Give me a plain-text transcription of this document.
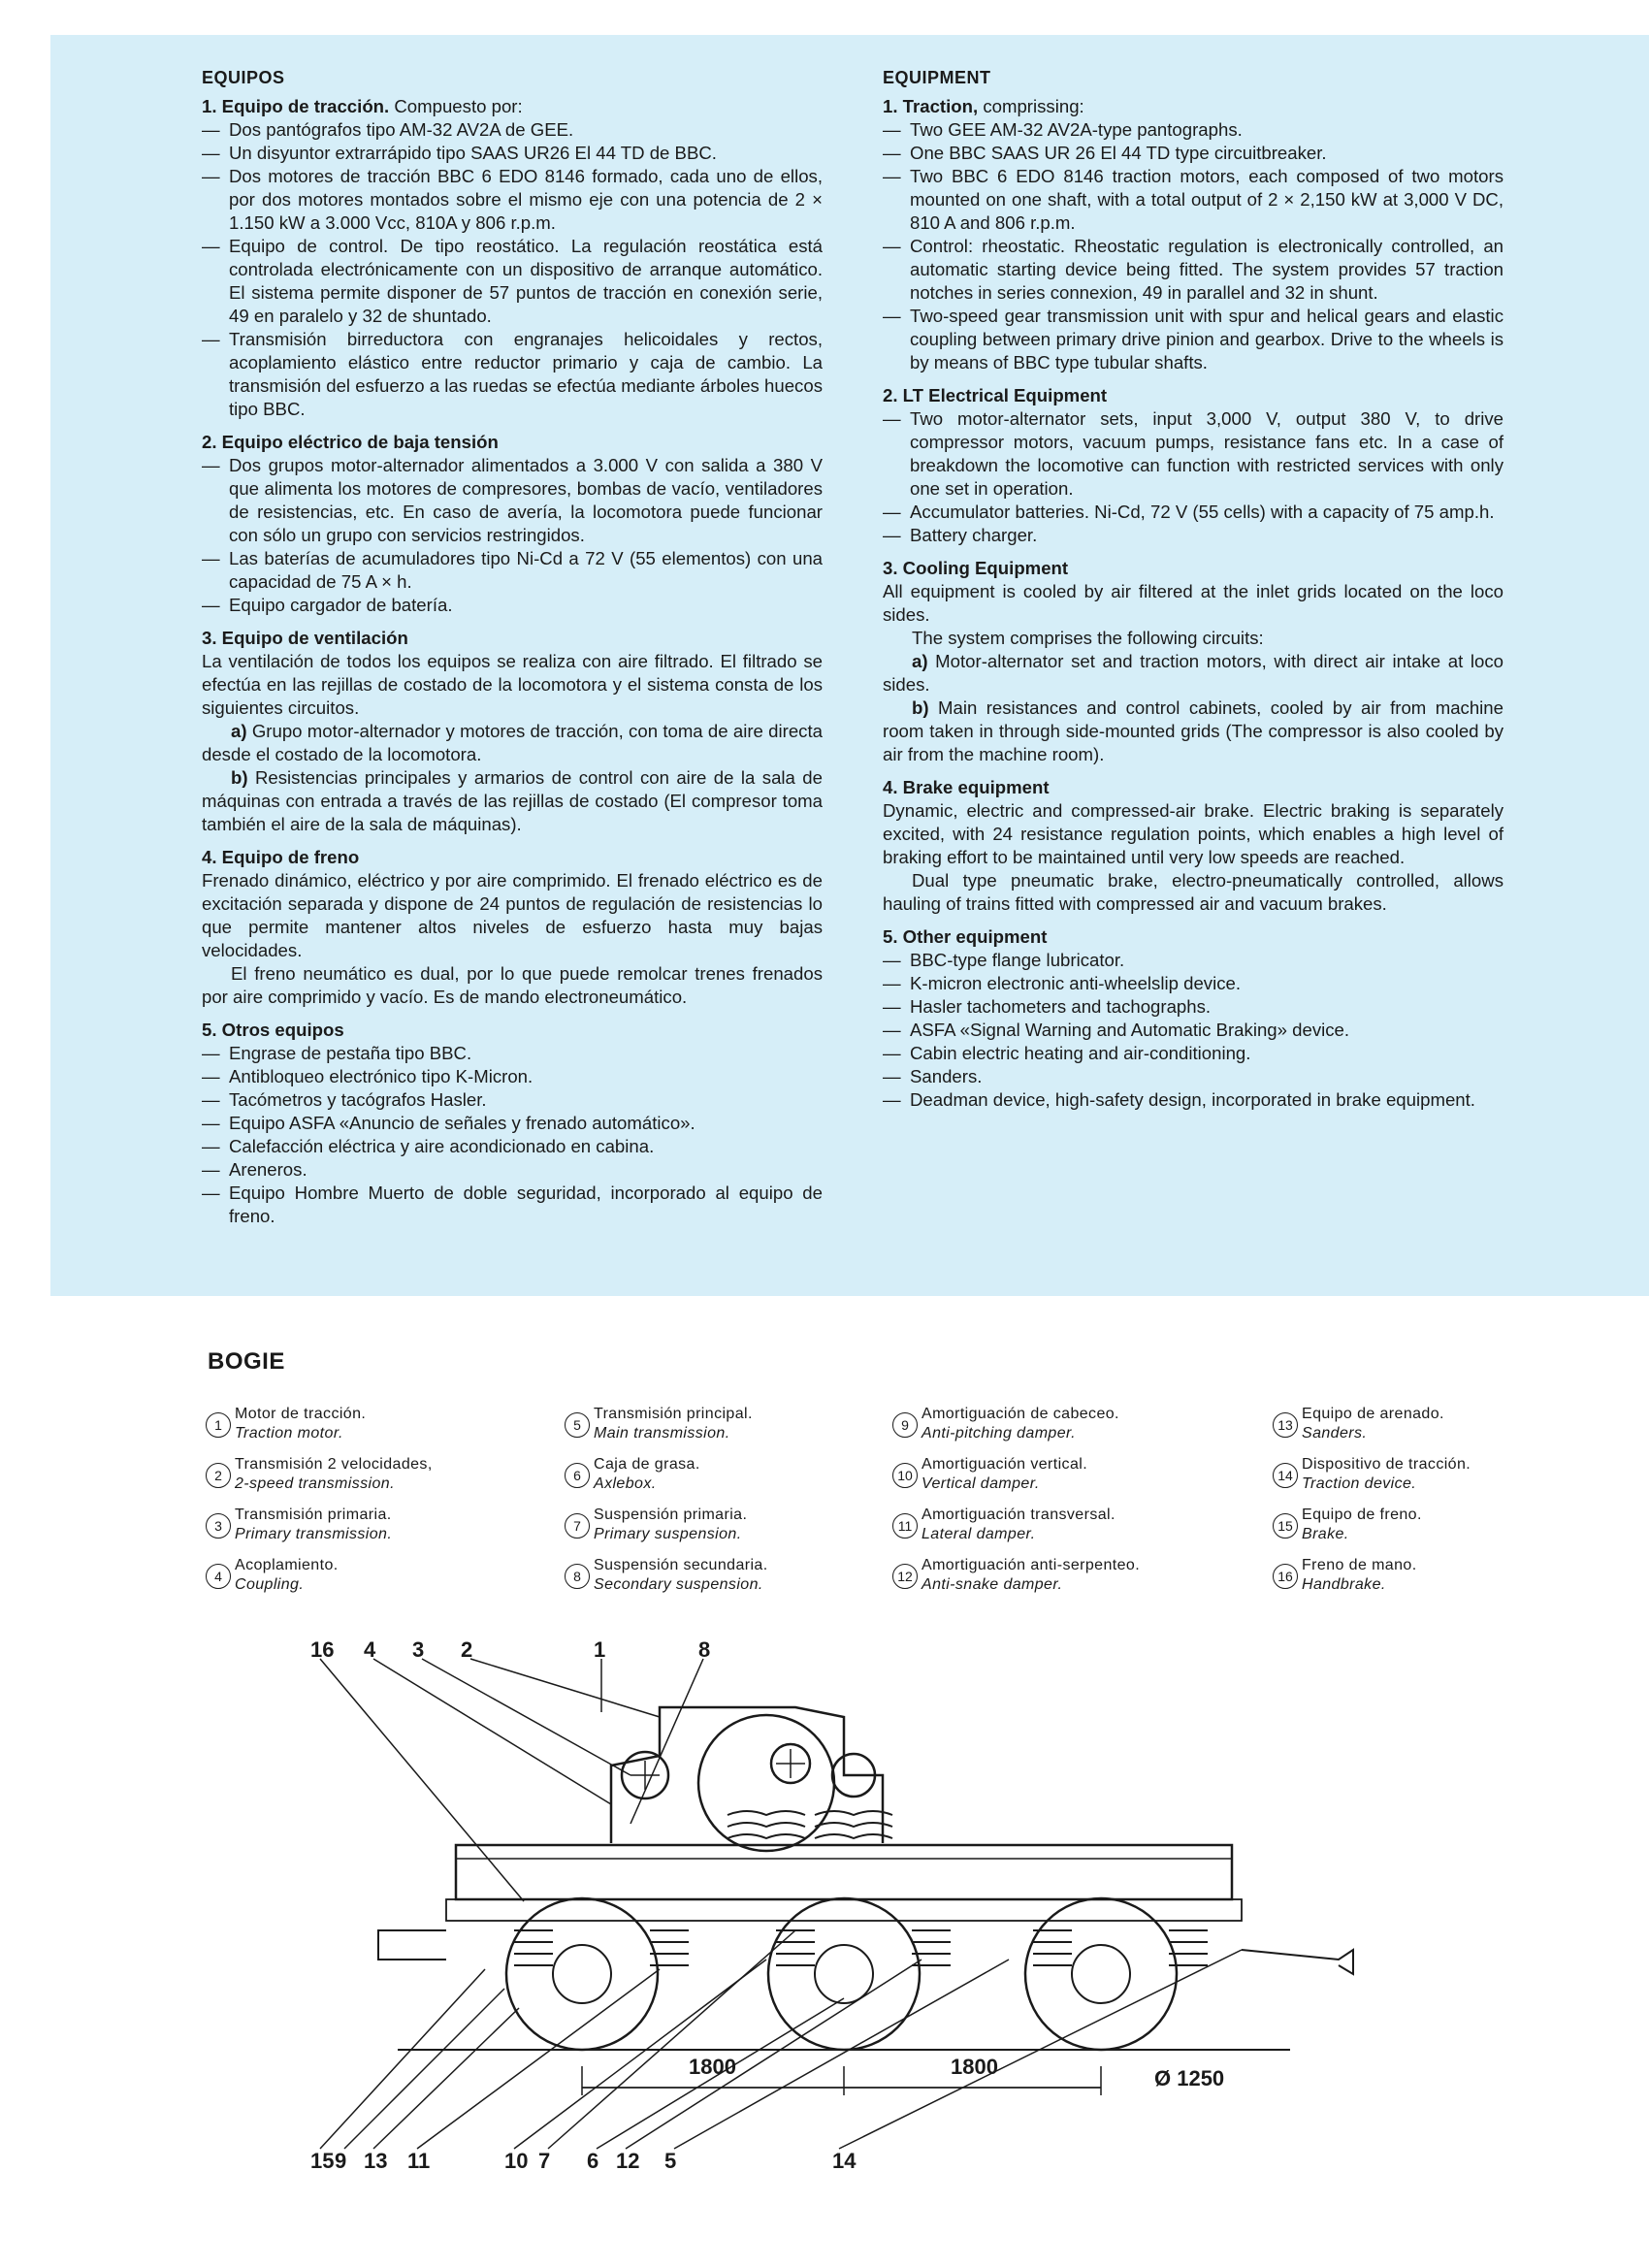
EQUIPOS
1. Equipo de tracción. Compuesto por:
— Dos pantógrafos tipo AM-32 AV2A de GEE.
— Un disyuntor extrarrápido tipo SAAS UR26 El 44 TD de BBC.
— Dos motores de tracción BBC 6 EDO 8146 formado, cada uno de ellos, por dos motores montados sobre el mismo eje con una potencia de 2 × 1.150 kW a 3.000 Vcc, 810A y 806 r.p.m.
— Equipo de control. De tipo reostático. La regulación reostática está controlada electrónicamente con un dispositivo de arranque automático. El sistema permite disponer de 57 puntos de tracción en conexión serie, 49 en paralelo y 32 de shuntado.
— Transmisión birreductora con engranajes helicoidales y rectos, acoplamiento elástico entre reductor primario y caja de cambio. La transmisión del esfuerzo a las ruedas se efectúa mediante árboles huecos tipo BBC.
2. Equipo eléctrico de baja tensión
— Dos grupos motor-alternador alimentados a 3.000 V con salida a 380 V que alimenta los motores de compresores, bombas de vacío, ventiladores de resistencias, etc. En caso de avería, la locomotora puede funcionar con sólo un grupo con servicios restringidos.
— Las baterías de acumuladores tipo Ni-Cd a 72 V (55 elementos) con una capacidad de 75 A × h.
— Equipo cargador de batería.
3. Equipo de ventilación

La ventilación de todos los equipos se realiza con aire filtrado. El filtrado se efectúa en las rejillas de costado de la locomotora y el sistema consta de los siguientes circuitos.

a) Grupo motor-alternador y motores de tracción, con toma de aire directa desde el costado de la locomotora.

b) Resistencias principales y armarios de control con aire de la sala de máquinas con entrada a través de las rejillas de costado (El compresor toma también el aire de la sala de máquinas).

4. Equipo de freno

Frenado dinámico, eléctrico y por aire comprimido. El frenado eléctrico es de excitación separada y dispone de 24 puntos de regulación de resistencias lo que permite mantener altos niveles de esfuerzo hasta muy bajas velocidades.

El freno neumático es dual, por lo que puede remolcar trenes frenados por aire comprimido y vacío. Es de mando electroneumático.

5. Otros equipos
— Engrase de pestaña tipo BBC.
— Antibloqueo electrónico tipo K-Micron.
— Tacómetros y tacógrafos Hasler.
— Equipo ASFA «Anuncio de señales y frenado automático».
— Calefacción eléctrica y aire acondicionado en cabina.
— Areneros.
— Equipo Hombre Muerto de doble seguridad, incorporado al equipo de freno.
EQUIPMENT
1. Traction, comprissing:
— Two GEE AM-32 AV2A-type pantographs.
— One BBC SAAS UR 26 El 44 TD type circuitbreaker.
— Two BBC 6 EDO 8146 traction motors, each composed of two motors mounted on one shaft, with a total output of 2 × 2,150 kW at 3,000 V DC, 810 A and 806 r.p.m.
— Control: rheostatic. Rheostatic regulation is electronically controlled, an automatic starting device being fitted. The system provides 57 traction notches in series connexion, 49 in parallel and 32 in shunt.
— Two-speed gear transmission unit with spur and helical gears and elastic coupling between primary drive pinion and gearbox. Drive to the wheels is by means of BBC type tubular shafts.
2. LT Electrical Equipment
— Two motor-alternator sets, input 3,000 V, output 380 V, to drive compressor motors, vacuum pumps, resistance fans etc. In a case of breakdown the locomotive can function with restricted services with only one set in operation.
— Accumulator batteries. Ni-Cd, 72 V (55 cells) with a capacity of 75 amp.h.
— Battery charger.
3. Cooling Equipment

All equipment is cooled by air filtered at the inlet grids located on the loco sides.

The system comprises the following circuits:

a) Motor-alternator set and traction motors, with direct air intake at loco sides.

b) Main resistances and control cabinets, cooled by air from machine room taken in through side-mounted grids (The compressor is also cooled by air from the machine room).

4. Brake equipment

Dynamic, electric and compressed-air brake. Electric braking is separately excited, with 24 resistance regulation points, which enables a high level of braking effort to be maintained until very low speeds are reached.

Dual type pneumatic brake, electro-pneumatically controlled, allows hauling of trains fitted with compressed air and vacuum brakes.

5. Other equipment
— BBC-type flange lubricator.
— K-micron electronic anti-wheelslip device.
— Hasler tachometers and tachographs.
— ASFA «Signal Warning and Automatic Braking» device.
— Cabin electric heating and air-conditioning.
— Sanders.
— Deadman device, high-safety design, incorporated in brake equipment.
BOGIE
1
Motor de tracción.
Traction motor.
2
Transmisión 2 velocidades,
2-speed transmission.
3
Transmisión primaria.
Primary transmission.
4
Acoplamiento.
Coupling.
5
Transmisión principal.
Main transmission.
6
Caja de grasa.
Axlebox.
7
Suspensión primaria.
Primary suspension.
8
Suspensión secundaria.
Secondary suspension.
9
Amortiguación de cabeceo.
Anti-pitching damper.
10
Amortiguación vertical.
Vertical damper.
11
Amortiguación transversal.
Lateral damper.
12
Amortiguación anti-serpenteo.
Anti-snake damper.
13
Equipo de arenado.
Sanders.
14
Dispositivo de tracción.
Traction device.
15
Equipo de freno.
Brake.
16
Freno de mano.
Handbrake.
16 4 3 2	1	8
1800	1800	Ø 1250
15 9 13 11	10 7 6 12 5	14
